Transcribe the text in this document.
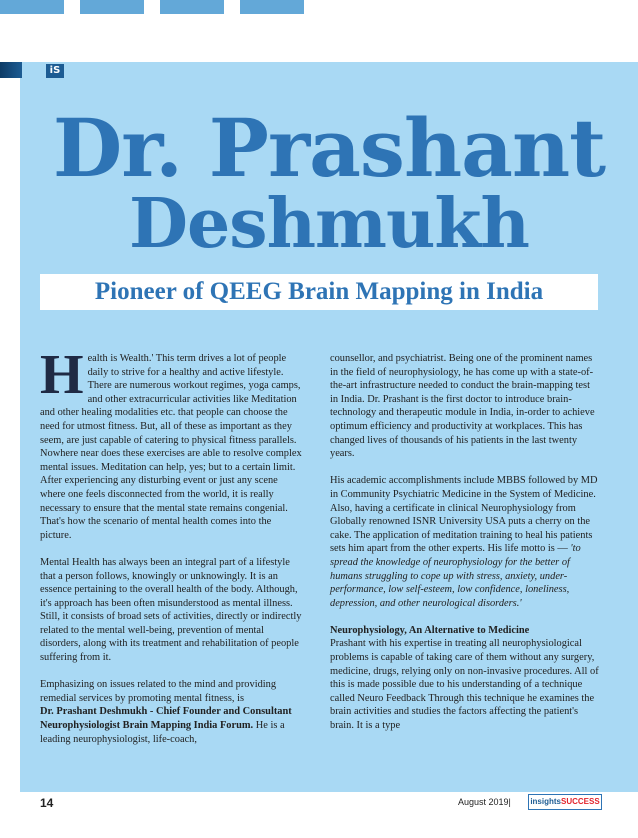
iS
Dr. Prashant
Deshmukh
Pioneer of QEEG Brain Mapping in India

Health is Wealth.' This term drives a lot of people daily to strive for a healthy and active lifestyle. There are numerous workout regimes, yoga camps, and other extracurricular activities like Meditation and other healing modalities etc. that people can choose the need for utmost fitness. But, all of these as important as they seem, are just capable of catering to physical fitness parallels. Nowhere near does these exercises are able to resolve complex mental issues. Meditation can help, yes; but to a certain limit. After experiencing any disturbing event or just any scene where one feels disconnected from the world, it is really necessary to ensure that the mental state remains congenial. That's how the scenario of mental health comes into the picture.

Mental Health has always been an integral part of a lifestyle that a person follows, knowingly or unknowingly. It is an essence pertaining to the overall health of the body. Although, it's approach has been often misunderstood as mental illness. Still, it consists of broad sets of activities, directly or indirectly related to the mental well-being, prevention of mental disorders, along with its treatment and rehabilitation of people suffering from it.

Emphasizing on issues related to the mind and providing remedial services by promoting mental fitness, is
Dr. Prashant Deshmukh - Chief Founder and Consultant Neurophysiologist Brain Mapping India Forum. He is a leading neurophysiologist, life-coach,

counsellor, and psychiatrist. Being one of the prominent names in the field of neurophysiology, he has come up with a state-of-the-art infrastructure needed to conduct the brain-mapping test in India. Dr. Prashant is the first doctor to introduce brain-technology and therapeutic module in India, in-order to achieve optimum efficiency and productivity at workplaces. This has changed lives of thousands of his patients in the last twenty years.

His academic accomplishments include MBBS followed by MD in Community Psychiatric Medicine in the System of Medicine. Also, having a certificate in clinical Neurophysiology from Globally renowned ISNR University USA puts a cherry on the cake. The application of meditation training to heal his patients sets him apart from the other experts. His life motto is — 'to spread the knowledge of neurophysiology for the better of humans struggling to cope up with stress, anxiety, under-performance, low self-esteem, low confidence, loneliness, depression, and other neurological disorders.'

Neurophysiology, An Alternative to Medicine

Prashant with his expertise in treating all neurophysiological problems is capable of taking care of them without any surgery, medicine, drugs, relying only on non-invasive procedures. All of this is made possible due to his understanding of a technique called Neuro Feedback Through this technique he examines the brain activities and studies the factors affecting the patient's brain. It is a type

14	August 2019| insightsSUCCESS
